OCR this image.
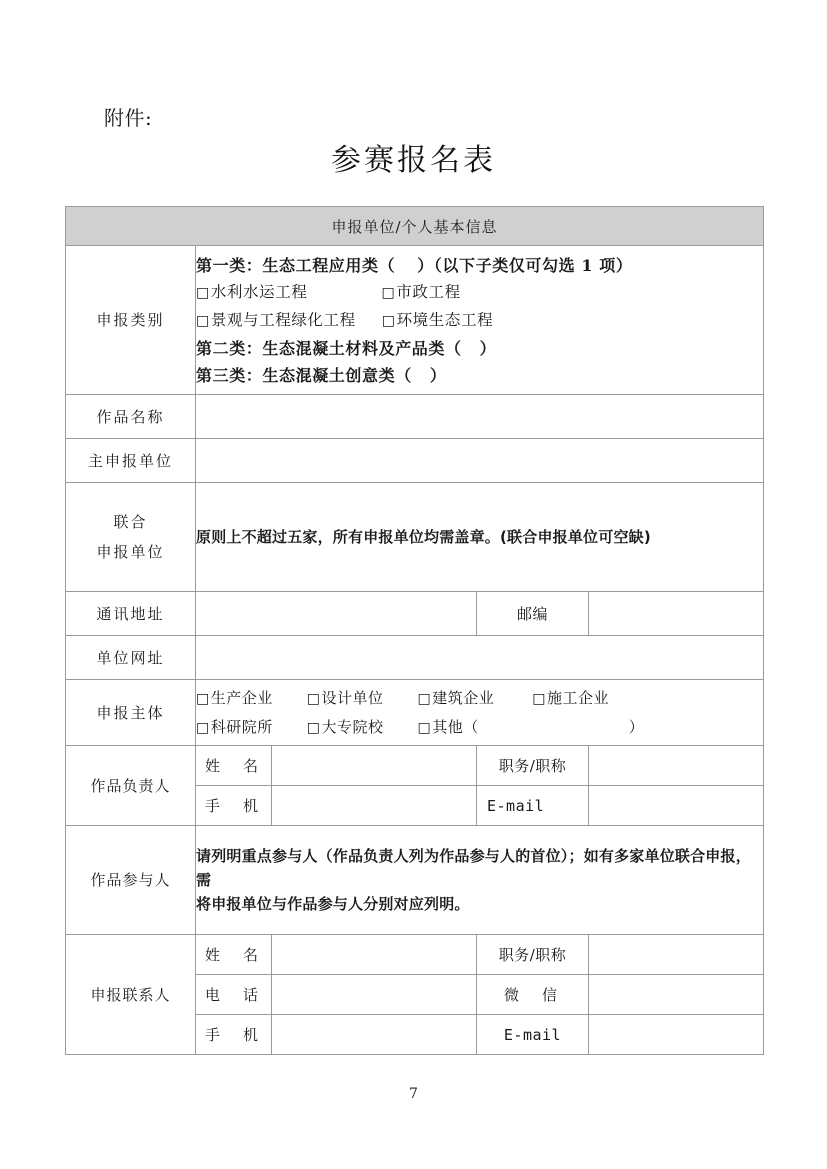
附件:
参赛报名表
申报单位/个人基本信息				
申报类别	第一类：生态工程应用类（ ）（以下子类仅可勾选 1 项）
□水利水运工程 □市政工程
□景观与工程绿化工程 □环境生态工程
第二类：生态混凝土材料及产品类（ ）
第三类：生态混凝土创意类（ ）			

作品名称				
主申报单位				

联合
申报单位	原则上不超过五家，所有申报单位均需盖章。(联合申报单位可空缺)			
通讯地址			邮编	
单位网址				
申报主体	□生产企业 □设计单位 □建筑企业 □施工企业
□科研院所 □大专院校 □其他（ ）			

作品负责人	姓　名		职务/职称	
	手　机		E-mail	
作品参与人	请列明重点参与人（作品负责人列为作品参与人的首位）；如有多家单位联合申报，需
将申报单位与作品参与人分别对应列明。			

申报联系人	姓　名		职务/职称	
	电　话		微　信	
	手　机		E-mail	
7
